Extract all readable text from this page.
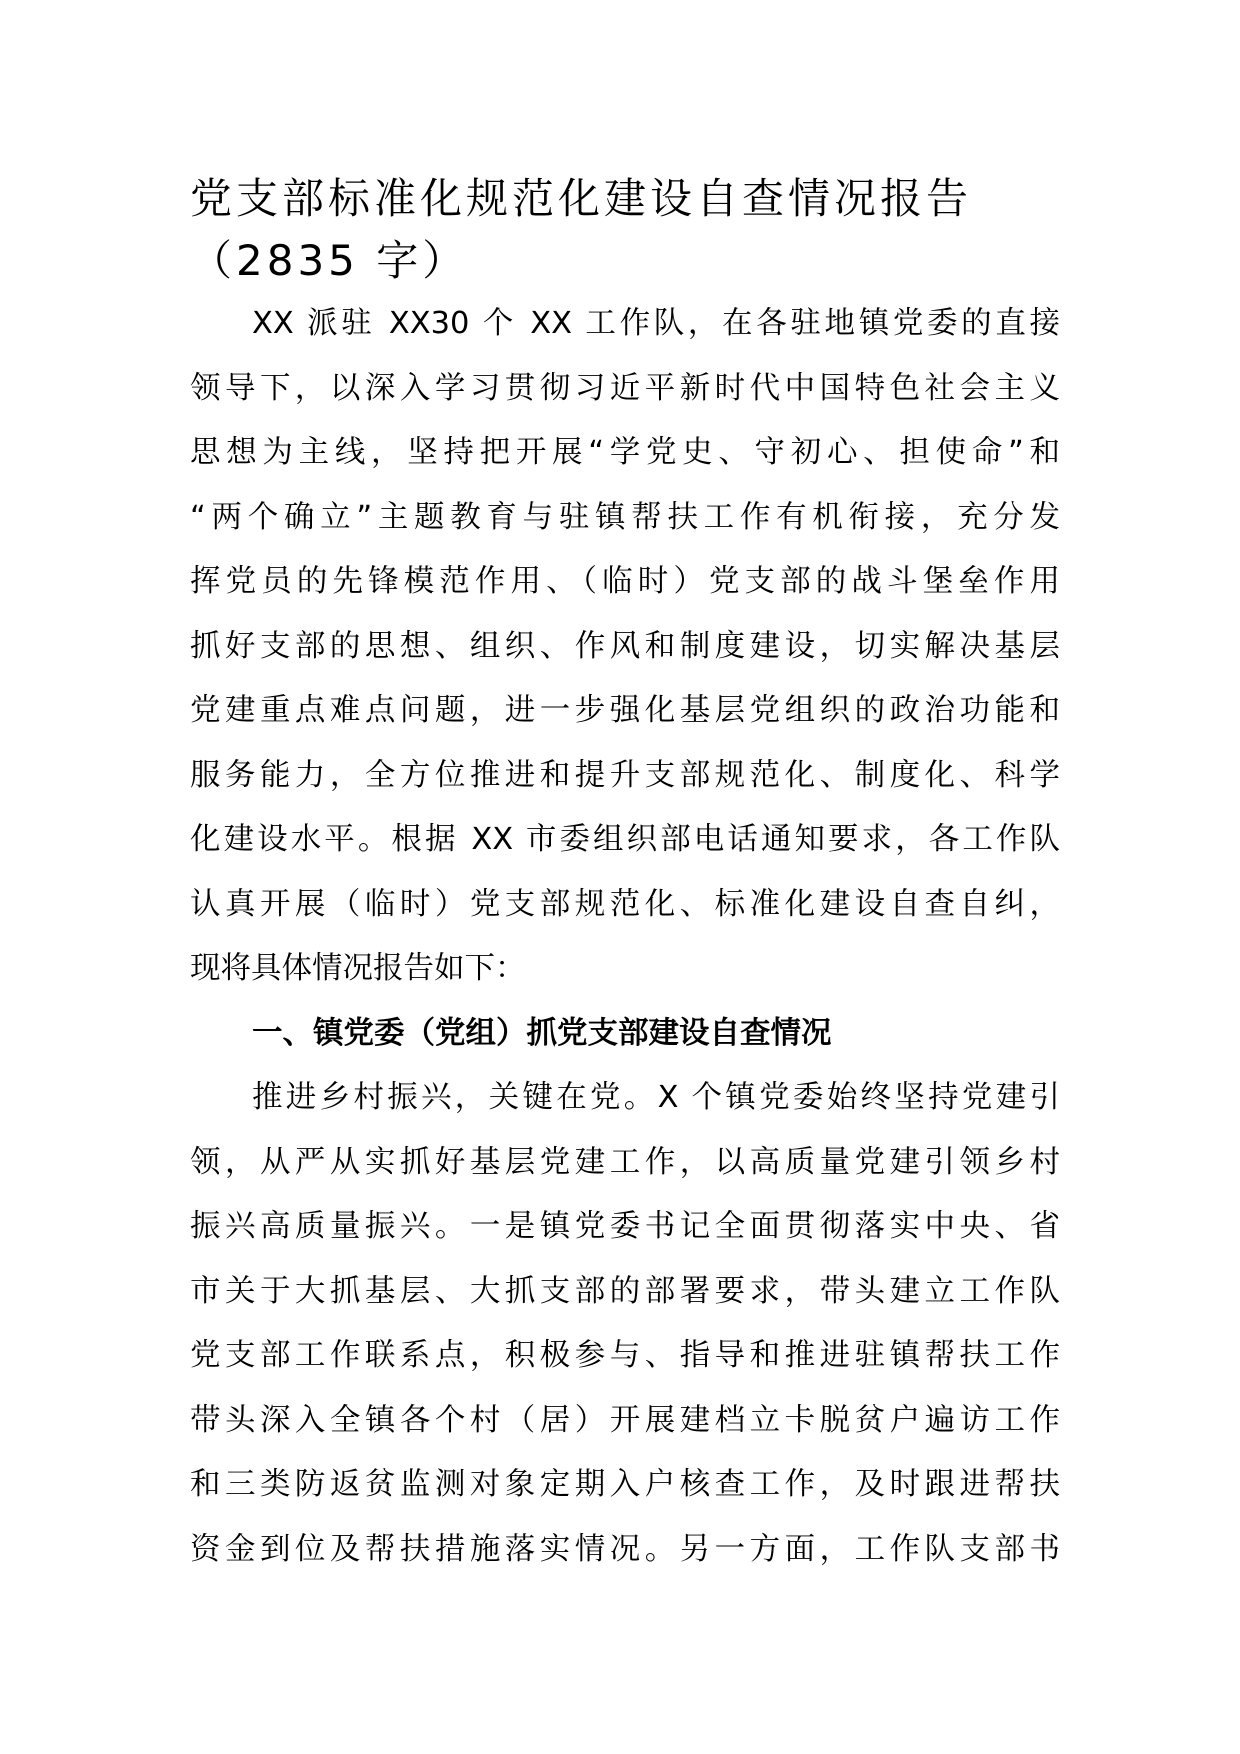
党支部标准化规范化建设自查情况报告
（2835 字）

XX 派驻 XX30 个 XX 工作队，在各驻地镇党委的直接
领导下，以深入学习贯彻习近平新时代中国特色社会主义
思想为主线，坚持把开展“学党史、守初心、担使命”和
“两个确立”主题教育与驻镇帮扶工作有机衔接，充分发
挥党员的先锋模范作用、（临时）党支部的战斗堡垒作用
抓好支部的思想、组织、作风和制度建设，切实解决基层
党建重点难点问题，进一步强化基层党组织的政治功能和
服务能力，全方位推进和提升支部规范化、制度化、科学
化建设水平。根据 XX 市委组织部电话通知要求，各工作队
认真开展（临时）党支部规范化、标准化建设自查自纠，
现将具体情况报告如下：

一、镇党委（党组）抓党支部建设自查情况

推进乡村振兴，关键在党。X 个镇党委始终坚持党建引
领，从严从实抓好基层党建工作，以高质量党建引领乡村
振兴高质量振兴。一是镇党委书记全面贯彻落实中央、省
市关于大抓基层、大抓支部的部署要求，带头建立工作队
党支部工作联系点，积极参与、指导和推进驻镇帮扶工作
带头深入全镇各个村（居）开展建档立卡脱贫户遍访工作
和三类防返贫监测对象定期入户核查工作，及时跟进帮扶
资金到位及帮扶措施落实情况。另一方面，工作队支部书
